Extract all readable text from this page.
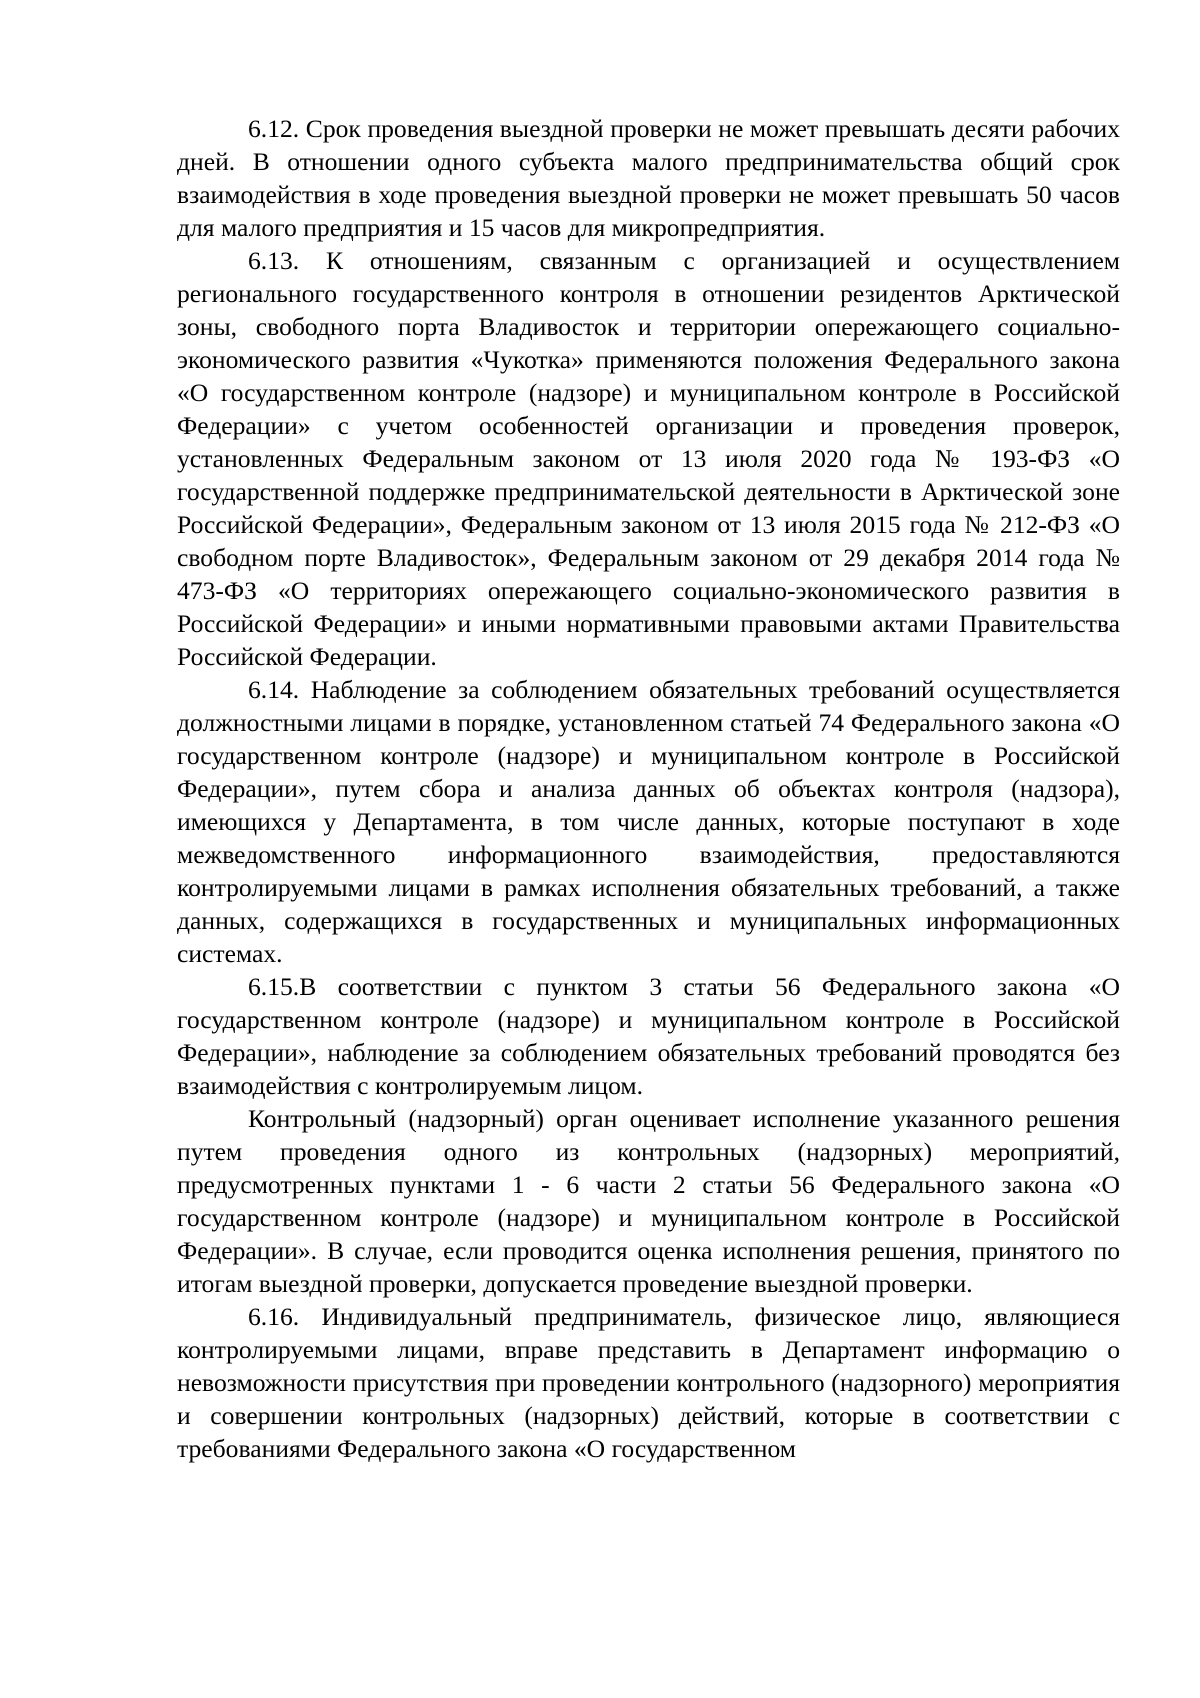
6.12. Срок проведения выездной проверки не может превышать десяти рабочих дней. В отношении одного субъекта малого предпринимательства общий срок взаимодействия в ходе проведения выездной проверки не может превышать 50 часов для малого предприятия и 15 часов для микропредприятия.

6.13. К отношениям, связанным с организацией и осуществлением регионального государственного контроля в отношении резидентов Арктической зоны, свободного порта Владивосток и территории опережающего социально-экономического развития «Чукотка» применяются положения Федерального закона «О государственном контроле (надзоре) и муниципальном контроле в Российской Федерации» с учетом особенностей организации и проведения проверок, установленных Федеральным законом от 13 июля 2020 года № 193-ФЗ «О государственной поддержке предпринимательской деятельности в Арктической зоне Российской Федерации», Федеральным законом от 13 июля 2015 года № 212-ФЗ «О свободном порте Владивосток», Федеральным законом от 29 декабря 2014 года № 473-ФЗ «О территориях опережающего социально-экономического развития в Российской Федерации» и иными нормативными правовыми актами Правительства Российской Федерации.

6.14. Наблюдение за соблюдением обязательных требований осуществляется должностными лицами в порядке, установленном статьей 74 Федерального закона «О государственном контроле (надзоре) и муниципальном контроле в Российской Федерации», путем сбора и анализа данных об объектах контроля (надзора), имеющихся у Департамента, в том числе данных, которые поступают в ходе межведомственного информационного взаимодействия, предоставляются контролируемыми лицами в рамках исполнения обязательных требований, а также данных, содержащихся в государственных и муниципальных информационных системах.

6.15.В соответствии с пунктом 3 статьи 56 Федерального закона «О государственном контроле (надзоре) и муниципальном контроле в Российской Федерации», наблюдение за соблюдением обязательных требований проводятся без взаимодействия с контролируемым лицом.

Контрольный (надзорный) орган оценивает исполнение указанного решения путем проведения одного из контрольных (надзорных) мероприятий, предусмотренных пунктами 1 - 6 части 2 статьи 56 Федерального закона «О государственном контроле (надзоре) и муниципальном контроле в Российской Федерации». В случае, если проводится оценка исполнения решения, принятого по итогам выездной проверки, допускается проведение выездной проверки.

6.16. Индивидуальный предприниматель, физическое лицо, являющиеся контролируемыми лицами, вправе представить в Департамент информацию о невозможности присутствия при проведении контрольного (надзорного) мероприятия и совершении контрольных (надзорных) действий, которые в соответствии с требованиями Федерального закона «О государственном
